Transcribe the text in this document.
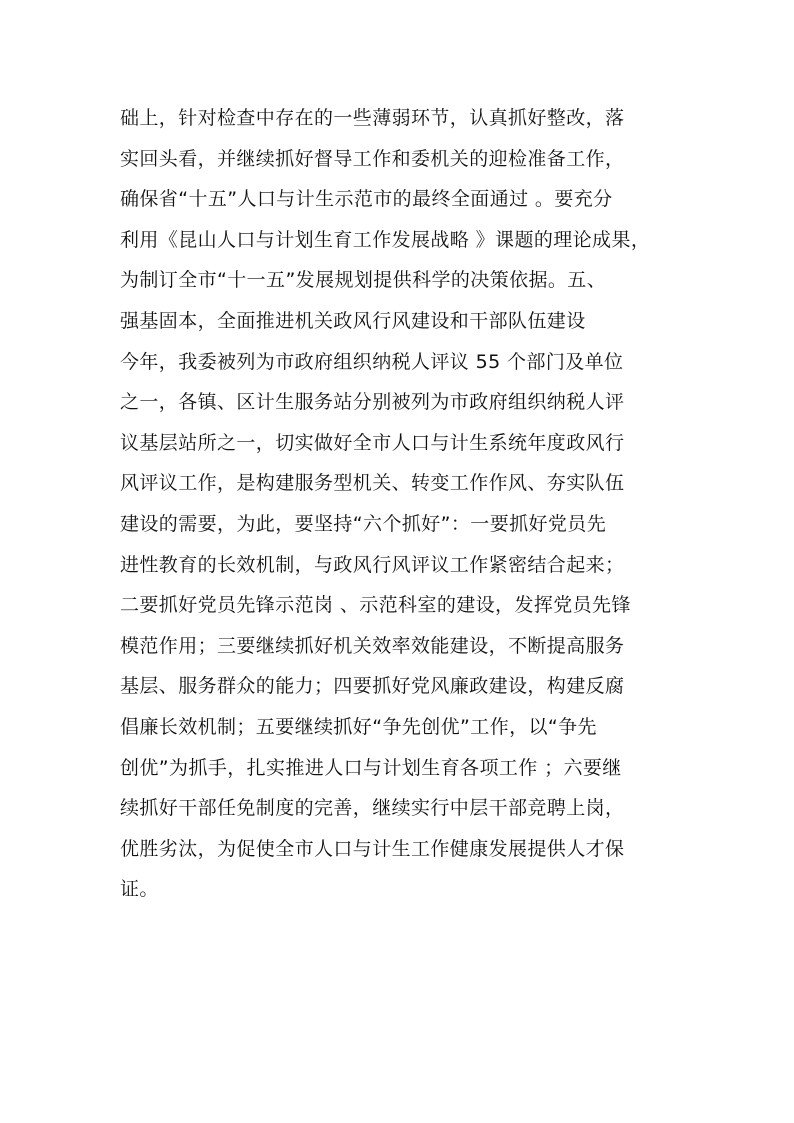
础上，针对检查中存在的一些薄弱环节，认真抓好整改，落
实回头看，并继续抓好督导工作和委机关的迎检准备工作，
确保省“十五”人口与计生示范市的最终全面通过 。要充分
利用《昆山人口与计划生育工作发展战略 》课题的理论成果，
为制订全市“十一五”发展规划提供科学的决策依据。五、
强基固本，全面推进机关政风行风建设和干部队伍建设
今年，我委被列为市政府组织纳税人评议 55 个部门及单位
之一，各镇、区计生服务站分别被列为市政府组织纳税人评
议基层站所之一，切实做好全市人口与计生系统年度政风行
风评议工作，是构建服务型机关、转变工作作风、夯实队伍
建设的需要，为此，要坚持“六个抓好”：一要抓好党员先
进性教育的长效机制，与政风行风评议工作紧密结合起来；
二要抓好党员先锋示范岗 、示范科室的建设，发挥党员先锋
模范作用；三要继续抓好机关效率效能建设，不断提高服务
基层、服务群众的能力；四要抓好党风廉政建设，构建反腐
倡廉长效机制；五要继续抓好“争先创优”工作，以“争先
创优”为抓手，扎实推进人口与计划生育各项工作 ；六要继
续抓好干部任免制度的完善，继续实行中层干部竞聘上岗，
优胜劣汰，为促使全市人口与计生工作健康发展提供人才保
证。
